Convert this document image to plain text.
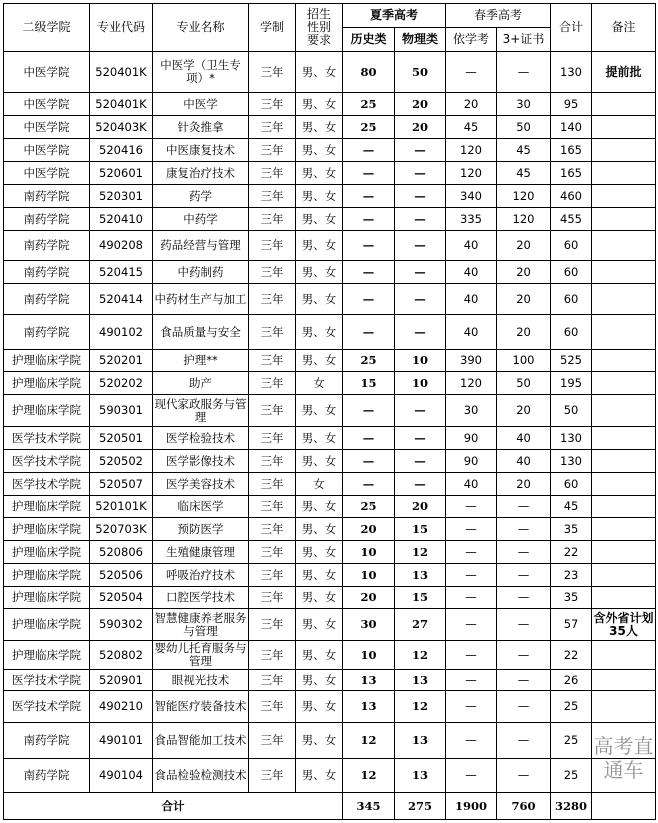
二级学院	专业代码	专业名称	学制	招生性别要求	夏季高考		春季高考		合计	备注
					历史类	物理类	依学考	3+证书		
中医学院	520401K	中医学（卫生专项）*	三年	男、女	80	50	—	—	130	提前批
中医学院	520401K	中医学	三年	男、女	25	20	20	30	95	
中医学院	520403K	针灸推拿	三年	男、女	25	20	45	50	140	
中医学院	520416	中医康复技术	三年	男、女	—	—	120	45	165	
中医学院	520601	康复治疗技术	三年	男、女	—	—	120	45	165	
南药学院	520301	药学	三年	男、女	—	—	340	120	460	
南药学院	520410	中药学	三年	男、女	—	—	335	120	455	
南药学院	490208	药品经营与管理	三年	男、女	—	—	40	20	60	
南药学院	520415	中药制药	三年	男、女	—	—	40	20	60	
南药学院	520414	中药材生产与加工	三年	男、女	—	—	40	20	60	
南药学院	490102	食品质量与安全	三年	男、女	—	—	40	20	60	
护理临床学院	520201	护理**	三年	男、女	25	10	390	100	525	
护理临床学院	520202	助产	三年	女	15	10	120	50	195	
护理临床学院	590301	现代家政服务与管理	三年	男、女	—	—	30	20	50	
医学技术学院	520501	医学检验技术	三年	男、女	—	—	90	40	130	
医学技术学院	520502	医学影像技术	三年	男、女	—	—	90	40	130	
医学技术学院	520507	医学美容技术	三年	女	—	—	40	20	60	
护理临床学院	520101K	临床医学	三年	男、女	25	20	—	—	45	
护理临床学院	520703K	预防医学	三年	男、女	20	15	—	—	35	
护理临床学院	520806	生殖健康管理	三年	男、女	10	12	—	—	22	
护理临床学院	520506	呼吸治疗技术	三年	男、女	10	13	—	—	23	
护理临床学院	520504	口腔医学技术	三年	男、女	20	15	—	—	35	
护理临床学院	590302	智慧健康养老服务与管理	三年	男、女	30	27	—	—	57	含外省计划35人
护理临床学院	520802	婴幼儿托育服务与管理	三年	男、女	10	12	—	—	22	
医学技术学院	520901	眼视光技术	三年	男、女	13	13	—	—	26	
医学技术学院	490210	智能医疗装备技术	三年	男、女	13	12	—	—	25	
南药学院	490101	食品智能加工技术	三年	男、女	12	13	—	—	25	
南药学院	490104	食品检验检测技术	三年	男、女	12	13	—	—	25	
合计					345	275	1900	760	3280	
高考直通车
